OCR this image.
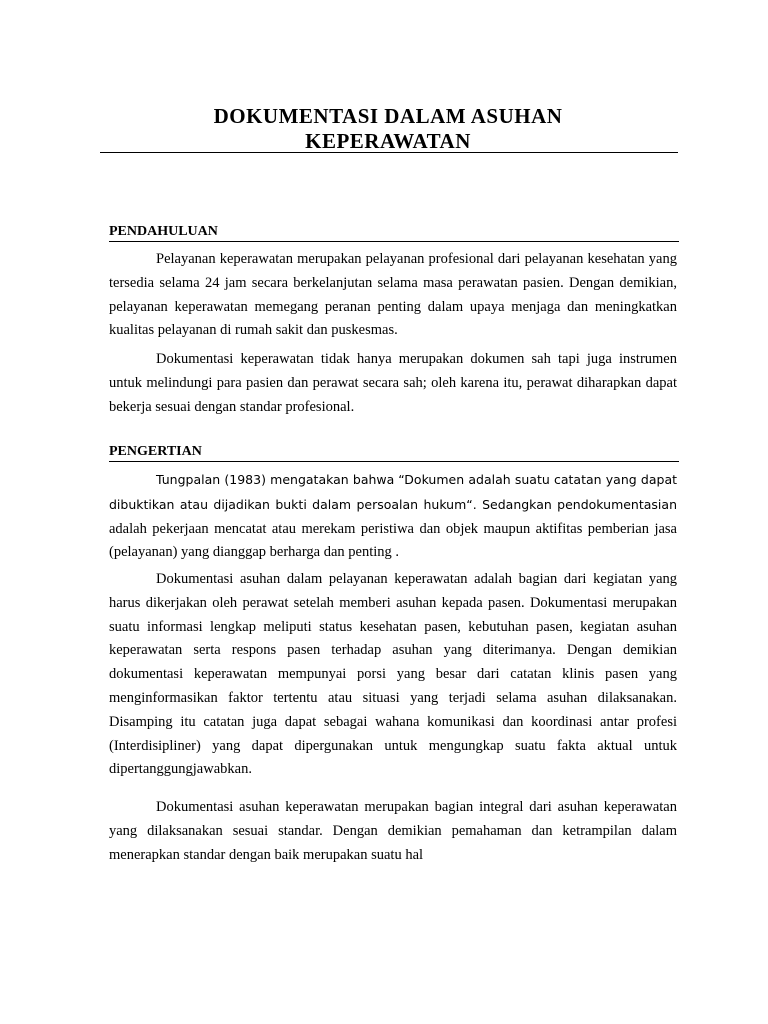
DOKUMENTASI DALAM ASUHAN
KEPERAWATAN
PENDAHULUAN

Pelayanan keperawatan merupakan pelayanan profesional dari pelayanan kesehatan yang tersedia selama 24 jam secara berkelanjutan selama masa perawatan pasien. Dengan demikian, pelayanan keperawatan memegang peranan penting dalam upaya menjaga dan meningkatkan kualitas pelayanan di rumah sakit dan puskesmas.

Dokumentasi keperawatan tidak hanya merupakan dokumen sah tapi juga instrumen untuk melindungi para pasien dan perawat secara sah; oleh karena itu, perawat diharapkan dapat bekerja sesuai dengan standar profesional.

PENGERTIAN

Tungpalan (1983) mengatakan bahwa “Dokumen adalah suatu catatan yang dapat dibuktikan atau dijadikan bukti dalam persoalan hukum“. Sedangkan pendokumentasian adalah pekerjaan mencatat atau merekam peristiwa dan objek maupun aktifitas pemberian jasa (pelayanan) yang dianggap berharga dan penting .

Dokumentasi asuhan dalam pelayanan keperawatan adalah bagian dari kegiatan yang harus dikerjakan oleh perawat setelah memberi asuhan kepada pasen. Dokumentasi merupakan suatu informasi lengkap meliputi status kesehatan pasen, kebutuhan pasen, kegiatan asuhan keperawatan serta respons pasen terhadap asuhan yang diterimanya. Dengan demikian dokumentasi keperawatan mempunyai porsi yang besar dari catatan klinis pasen yang menginformasikan faktor tertentu atau situasi yang terjadi selama asuhan dilaksanakan. Disamping itu catatan juga dapat sebagai wahana komunikasi dan koordinasi antar profesi (Interdisipliner) yang dapat dipergunakan untuk mengungkap suatu fakta aktual untuk dipertanggungjawabkan.

Dokumentasi asuhan keperawatan merupakan bagian integral dari asuhan keperawatan yang dilaksanakan sesuai standar. Dengan demikian pemahaman dan ketrampilan dalam menerapkan standar dengan baik merupakan suatu hal
